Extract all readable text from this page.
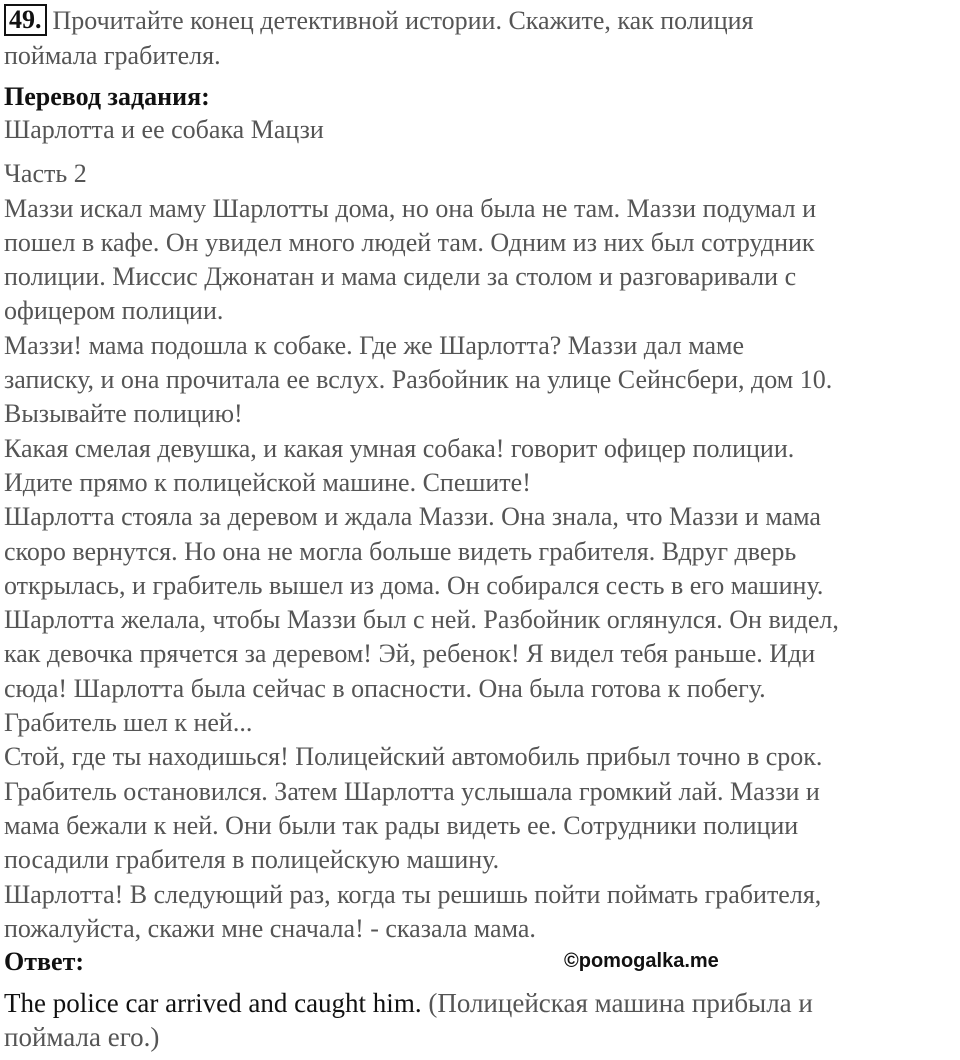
49. Прочитайте конец детективной истории. Скажите, как полиция
поймала грабителя.
Перевод задания:
Шарлотта и ее собака Мацзи
Часть 2
Маззи искал маму Шарлотты дома, но она была не там. Маззи подумал и
пошел в кафе. Он увидел много людей там. Одним из них был сотрудник
полиции. Миссис Джонатан и мама сидели за столом и разговаривали с
офицером полиции.
Маззи! мама подошла к собаке. Где же Шарлотта? Маззи дал маме
записку, и она прочитала ее вслух. Разбойник на улице Сейнсбери, дом 10.
Вызывайте полицию!
Какая смелая девушка, и какая умная собака! говорит офицер полиции.
Идите прямо к полицейской машине. Спешите!
Шарлотта стояла за деревом и ждала Маззи. Она знала, что Маззи и мама
скоро вернутся. Но она не могла больше видеть грабителя. Вдруг дверь
открылась, и грабитель вышел из дома. Он собирался сесть в его машину.
Шарлотта желала, чтобы Маззи был с ней. Разбойник оглянулся. Он видел,
как девочка прячется за деревом! Эй, ребенок! Я видел тебя раньше. Иди
сюда! Шарлотта была сейчас в опасности. Она была готова к побегу.
Грабитель шел к ней...
Стой, где ты находишься! Полицейский автомобиль прибыл точно в срок.
Грабитель остановился. Затем Шарлотта услышала громкий лай. Маззи и
мама бежали к ней. Они были так рады видеть ее. Сотрудники полиции
посадили грабителя в полицейскую машину.
Шарлотта! В следующий раз, когда ты решишь пойти поймать грабителя,
пожалуйста, скажи мне сначала! - сказала мама.
Ответ:	©pomogalka.me
The police car arrived and caught him. (Полицейская машина прибыла и
поймала его.)
